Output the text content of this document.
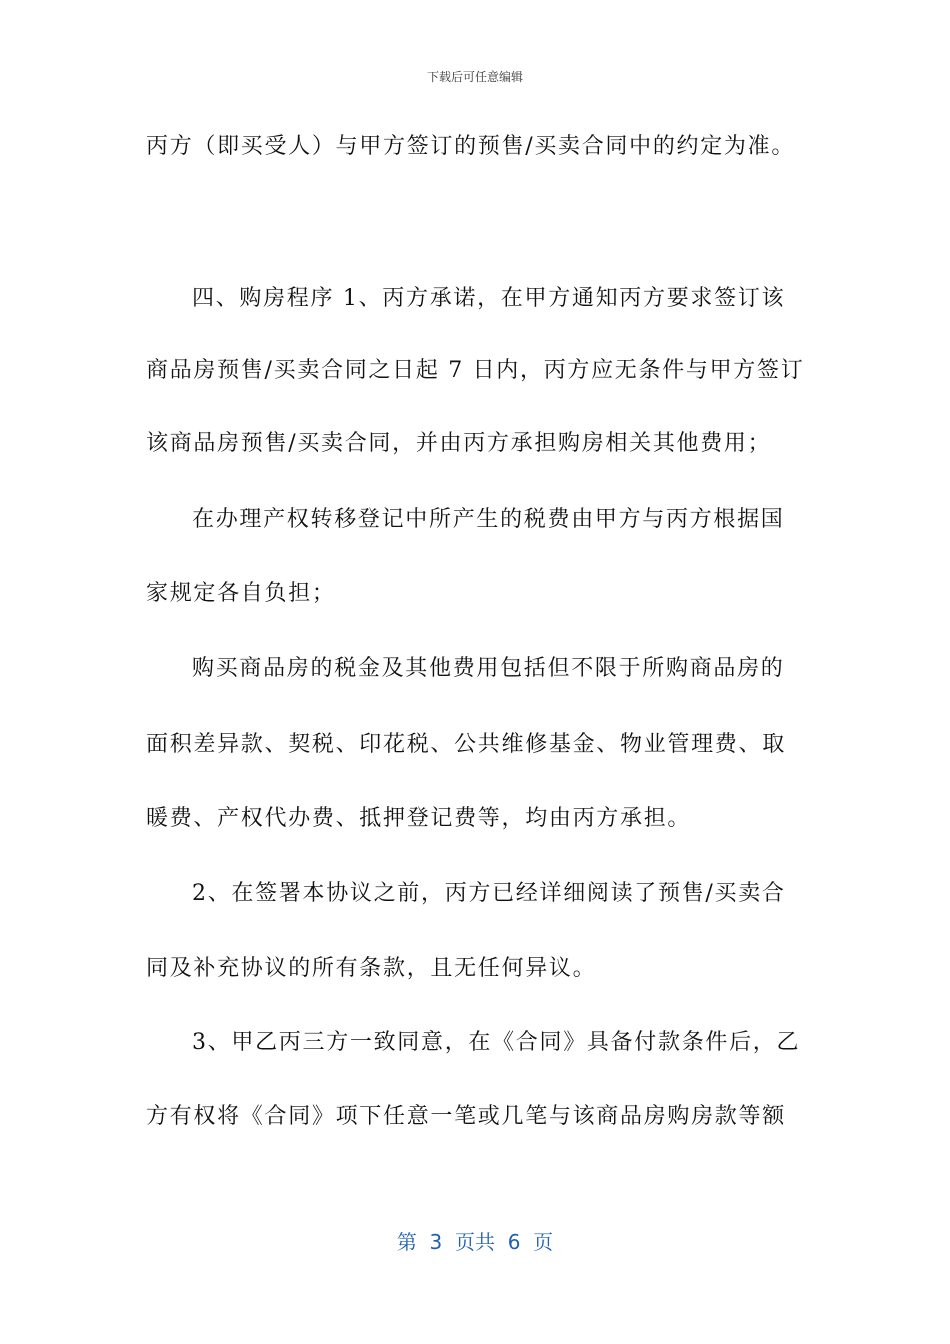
下载后可任意编辑
丙方（即买受人）与甲方签订的预售/买卖合同中的约定为准。
四、购房程序 1、丙方承诺，在甲方通知丙方要求签订该
商品房预售/买卖合同之日起 7 日内，丙方应无条件与甲方签订
该商品房预售/买卖合同，并由丙方承担购房相关其他费用；
在办理产权转移登记中所产生的税费由甲方与丙方根据国
家规定各自负担；
购买商品房的税金及其他费用包括但不限于所购商品房的
面积差异款、契税、印花税、公共维修基金、物业管理费、取
暖费、产权代办费、抵押登记费等，均由丙方承担。
2、在签署本协议之前，丙方已经详细阅读了预售/买卖合
同及补充协议的所有条款，且无任何异议。
3、甲乙丙三方一致同意，在《合同》具备付款条件后，乙
方有权将《合同》项下任意一笔或几笔与该商品房购房款等额
第  3  页共  6  页
